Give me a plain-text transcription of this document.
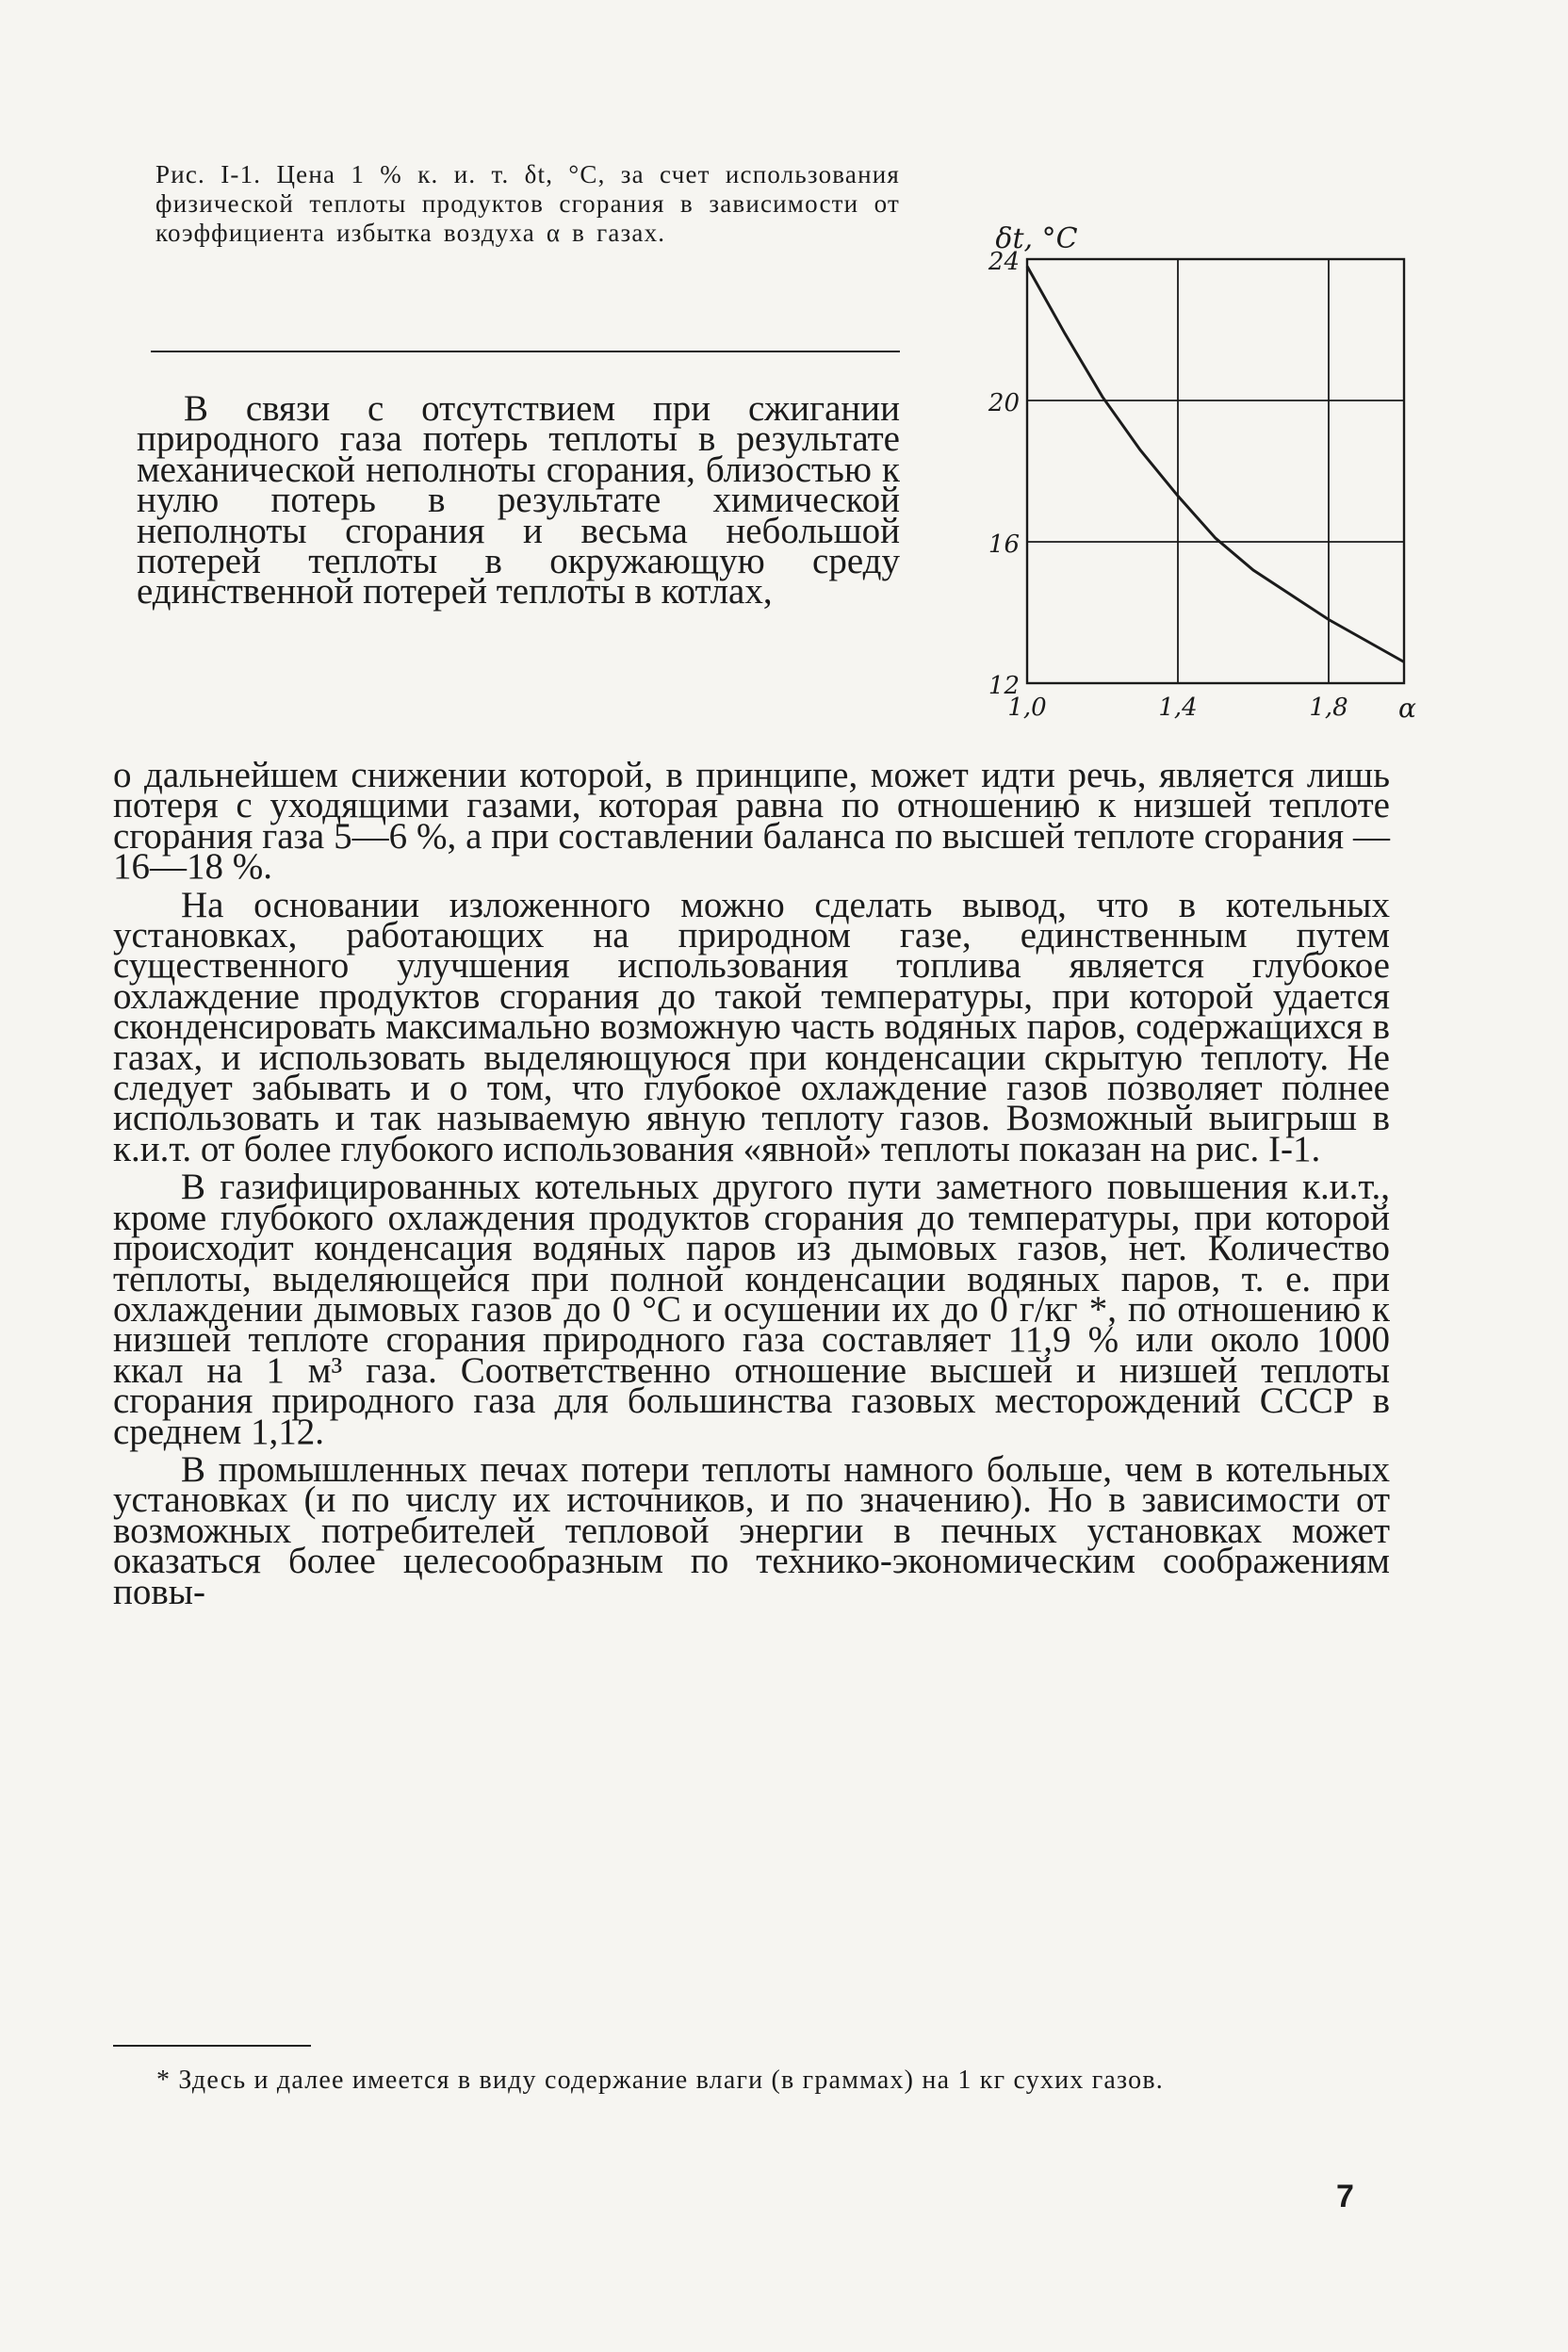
Рис. I-1. Цена 1 % к. и. т. δt, °С, за счет использования физической теплоты продуктов сгорания в зависимости от коэффициента избытка воздуха α в газах.
12
16
20
24
1,0	1,4	1,8 α
δt, °C

В связи с отсутствием при сжигании природного газа потерь теплоты в результате механической неполноты сгорания, близостью к нулю потерь в результате химической неполноты сгорания и весьма небольшой потерей теплоты в окружающую среду единственной потерей теплоты в котлах,

о дальнейшем снижении которой, в принципе, может идти речь, является лишь потеря с уходящими газами, которая равна по отношению к низшей теплоте сгорания газа 5—6 %, а при составлении баланса по высшей теплоте сгорания — 16—18 %.

На основании изложенного можно сделать вывод, что в котельных установках, работающих на природном газе, единственным путем существенного улучшения использования топлива является глубокое охлаждение продуктов сгорания до такой температуры, при которой удается сконденсировать максимально возможную часть водяных паров, содержащихся в газах, и использовать выделяющуюся при конденсации скрытую теплоту. Не следует забывать и о том, что глубокое охлаждение газов позволяет полнее использовать и так называемую явную теплоту газов. Возможный выигрыш в к.и.т. от более глубокого использования «явной» теплоты показан на рис. I-1.

В газифицированных котельных другого пути заметного повышения к.и.т., кроме глубокого охлаждения продуктов сгорания до температуры, при которой происходит конденсация водяных паров из дымовых газов, нет. Количество теплоты, выделяющейся при полной конденсации водяных паров, т. е. при охлаждении дымовых газов до 0 °С и осушении их до 0 г/кг *, по отношению к низшей теплоте сгорания природного газа составляет 11,9 % или около 1000 ккал на 1 м³ газа. Соответственно отношение высшей и низшей теплоты сгорания природного газа для большинства газовых месторождений СССР в среднем 1,12.

В промышленных печах потери теплоты намного больше, чем в котельных установках (и по числу их источников, и по значению). Но в зависимости от возможных потребителей тепловой энергии в печных установках может оказаться более целесообразным по технико-экономическим соображениям повы-

* Здесь и далее имеется в виду содержание влаги (в граммах) на 1 кг сухих газов.
7
